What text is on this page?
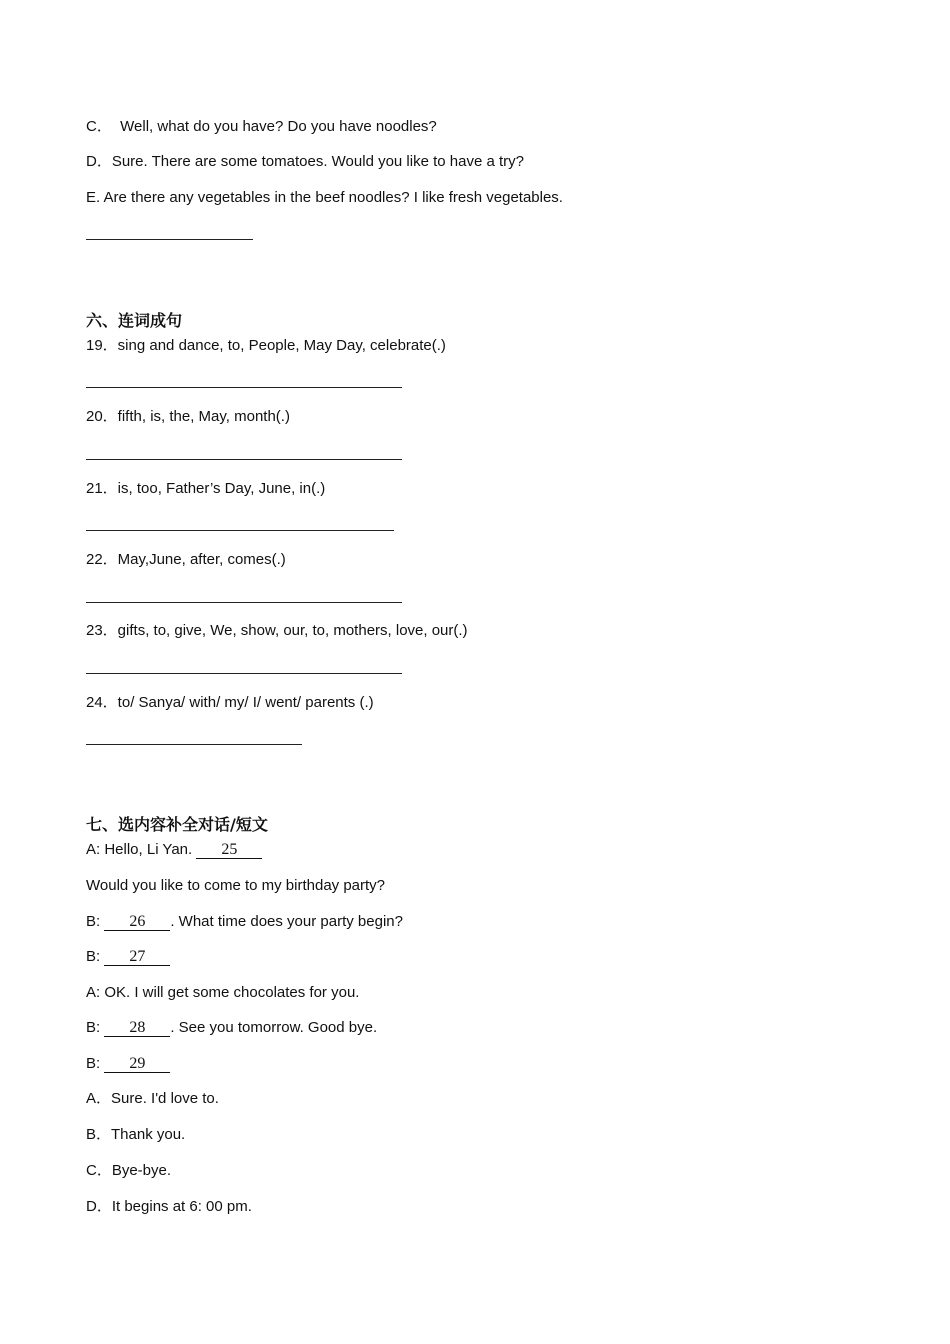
C．  Well, what do you have? Do you have noodles?
D．Sure. There are some tomatoes. Would you like to have a try?
E. Are there any vegetables in the beef noodles? I like fresh vegetables.
六、连词成句
19．sing and dance, to, People, May Day, celebrate(.)
20．fifth, is, the, May, month(.)
21．is, too, Father’s Day, June, in(.)
22．May,June, after, comes(.)
23．gifts, to, give, We, show, our, to, mothers, love, our(.)
24．to/ Sanya/ with/ my/ I/ went/ parents (.)
七、选内容补全对话/短文
A: Hello, Li Yan. 25
Would you like to come to my birthday party?
B: 26 . What time does your party begin?
B: 27
A: OK. I will get some chocolates for you.
B: 28 . See you tomorrow. Good bye.
B: 29
A．Sure. I'd love to.
B．Thank you.
C．Bye-bye.
D．It begins at 6: 00 pm.
